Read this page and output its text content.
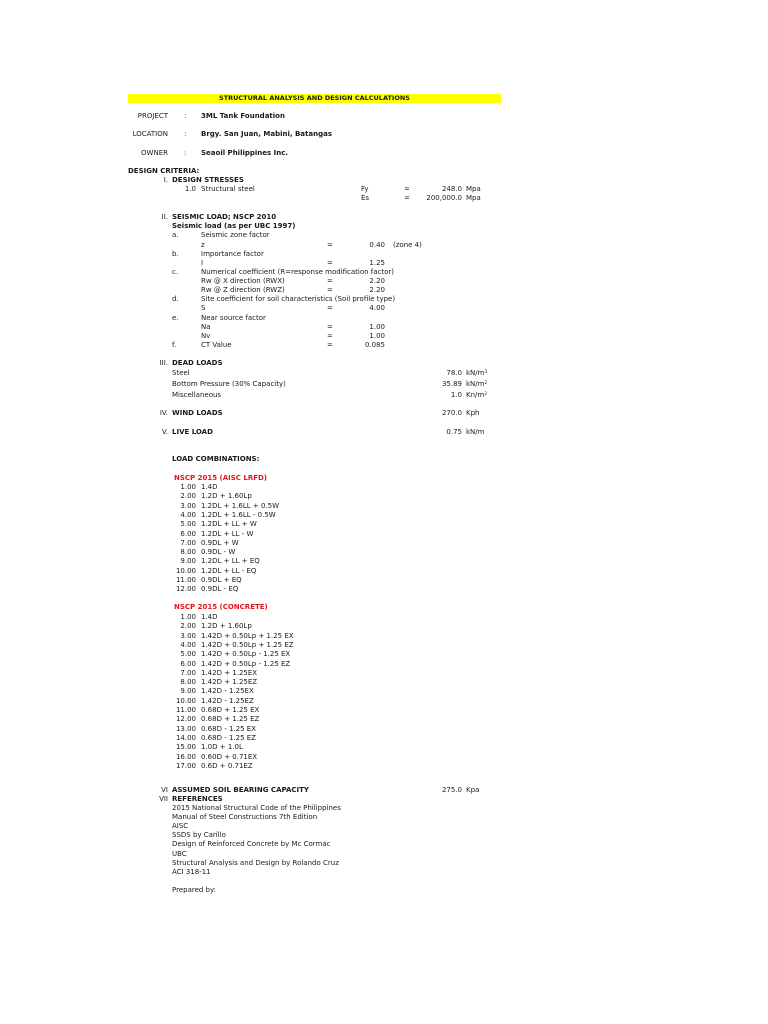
STRUCTURAL ANALYSIS AND DESIGN CALCULATIONS
PROJECT : 3ML Tank Foundation
LOCATION : Brgy. San Juan, Mabini, Batangas
OWNER : Seaoil Philippines Inc.
DESIGN CRITERIA:
I. DESIGN STRESSES
1.0 Structural steel	Fy	=	248.0 Mpa
Es	=	200,000.0 Mpa
II. SEISMIC LOAD; NSCP 2010
Seismic load (as per UBC 1997)
a.	Seismic zone factor
z	=	0.40 (zone 4)
b.	Importance factor
I	=	1.25
c.	Numerical coefficient (R=response modification factor)
Rw @ X direction (RWX)	=	2.20
Rw @ Z direction (RWZ)	=	2.20
d.	Site coefficient for soil characteristics (Soil profile type)
S	=	4.00
e.	Near source factor
Na	=	1.00
Nv	=	1.00
f.	CT Value	=	0.085
III. DEAD LOADS
Steel	78.0 $kN/m^3$
Bottom Pressure (30% Capacity)	35.89 $kN/m^2$
Miscellaneous	1.0 $Kn/m^2$
IV. WIND LOADS	270.0 Kph
V. LIVE LOAD	0.75 kN/m
LOAD COMBINATIONS:
NSCP 2015 (AISC LRFD)
1.00 1.4D
2.00 1.2D + 1.60Lp
3.00 1.2DL + 1.6LL + 0.5W
4.00 1.2DL + 1.6LL - 0.5W
5.00 1.2DL + LL + W
6.00 1.2DL + LL - W
7.00 0.9DL + W
8.00 0.9DL - W
9.00 1.2DL + LL + EQ
10.00 1.2DL + LL - EQ
11.00 0.9DL + EQ
12.00 0.9DL - EQ
NSCP 2015 (CONCRETE)
1.00 1.4D
2.00 1.2D + 1.60Lp
3.00 1.42D + 0.50Lp + 1.25 EX
4.00 1.42D + 0.50Lp + 1.25 EZ
5.00 1.42D + 0.50Lp - 1.25 EX
6.00 1.42D + 0.50Lp - 1.25 EZ
7.00 1.42D + 1.25EX
8.00 1.42D + 1.25EZ
9.00 1.42D - 1.25EX
10.00 1.42D - 1.25EZ
11.00 0.68D + 1.25 EX
12.00 0.68D + 1.25 EZ
13.00 0.68D - 1.25 EX
14.00 0.68D - 1.25 EZ
15.00 1.0D + 1.0L
16.00 0.60D + 0.71EX
17.00 0.6D + 0.71EZ
VI ASSUMED SOIL BEARING CAPACITY	275.0 Kpa
VII REFERENCES
2015 National Structural Code of the Philippines
Manual of Steel Constructions 7th Edition
AISC
SSDS by Carillo
Design of Reinforced Concrete by Mc Cormac
UBC
Structural Analysis and Design by Rolando Cruz
ACI 318-11
Prepared by:
